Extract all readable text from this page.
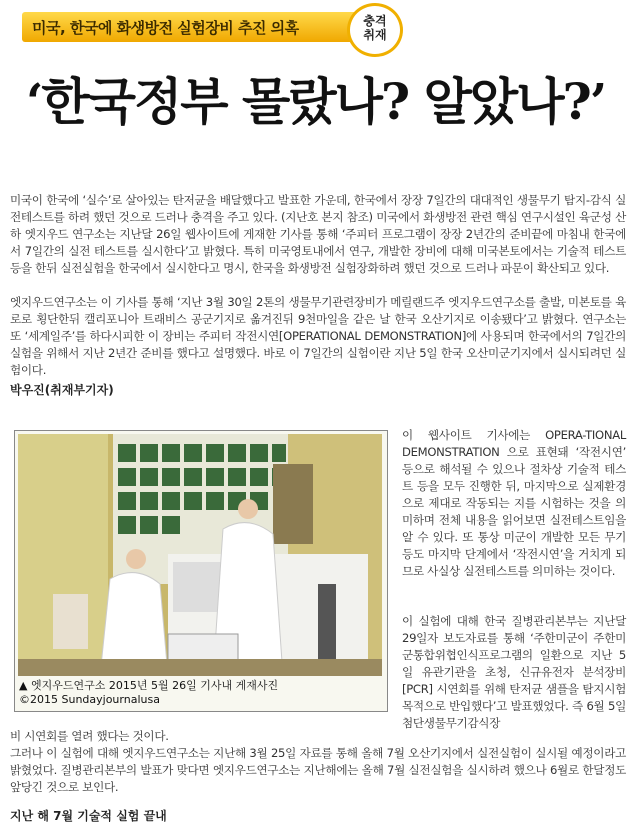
미국, 한국에 화생방전 실험장비 추진 의혹	충격
취재
‘한국정부 몰랐나? 알았나?’
미국이 한국에 ‘실수’로 살아있는 탄저균을 배달했다고 발표한 가운데, 한국에서 장장 7일간의 대대적인 생물무기 탐지-감식 실전테스트를 하려 했던 것으로 드러나 충격을 주고 있다. (지난호 본지 참조) 미국에서 화생방전 관련 핵심 연구시설인 육군성 산하 엣지우드 연구소는 지난달 26일 웹사이트에 게재한 기사를 통해 ‘주피터 프로그램이 장장 2년간의 준비끝에 마침내 한국에서 7일간의 실전 테스트를 실시한다’고 밝혔다. 특히 미국영토내에서 연구, 개발한 장비에 대해 미국본토에서는 기술적 테스트등을 한뒤 실전실험을 한국에서 실시한다고 명시, 한국을 화생방전 실험장화하려 했던 것으로 드러나 파문이 확산되고 있다.
엣지우드연구소는 이 기사를 통해 ‘지난 3월 30일 2톤의 생물무기관련장비가 메릴랜드주 엣지우드연구소를 출발, 미본토를 육로로 횡단한뒤 캘리포니아 트래비스 공군기지로 옮겨진뒤 9천마일을 같은 날 한국 오산기지로 이송됐다’고 밝혔다. 연구소는 또 ‘세계일주’를 하다시피한 이 장비는 주피터 작전시연[OPERATIONAL DEMONSTRATION]에 사용되며 한국에서의 7일간의 실험을 위해서 지난 2년간 준비를 했다고 설명했다. 바로 이 7일간의 실험이란 지난 5일 한국 오산미군기지에서 실시되려던 실험이다.
박우진(취재부기자)
▲ 엣지우드연구소 2015년 5월 26일 기사내 게재사진
©2015 Sundayjournalusa
이 웹사이트 기사에는 OPERA-TIONAL DEMONSTRATION 으로 표현돼 ‘작전시연’ 등으로 해석될 수 있으나 절차상 기술적 테스트 등을 모두 진행한 뒤, 마지막으로 실제환경으로 제대로 작동되는 지를 시험하는 것을 의미하며 전체 내용을 읽어보면 실전테스트임을 알 수 있다. 또 통상 미군이 개발한 모든 무기 등도 마지막 단계에서 ‘작전시연’을 거치게 되므로 사실상 실전테스트를 의미하는 것이다.
이 실험에 대해 한국 질병관리본부는 지난달 29일자 보도자료를 통해 ‘주한미군이 주한미군통합위협인식프로그램의 일환으로 지난 5일 유관기관을 초청, 신규유전자 분석장비[PCR] 시연회를 위해 탄저균 샘플을 탐지시험 목적으로 반입했다’고 발표했었다. 즉 6월 5일 첨단생물무기감식장
비 시연회를 열려 했다는 것이다.
그러나 이 실험에 대해 엣지우드연구소는 지난해 3월 25일 자료를 통해 올해 7월 오산기지에서 실전실험이 실시될 예정이라고 밝혔었다. 질병관리본부의 발표가 맞다면 엣지우드연구소는 지난해에는 올해 7월 실전실험을 실시하려 했으나 6월로 한달정도 앞당긴 것으로 보인다.
지난 해 7월 기술적 실험 끝내
